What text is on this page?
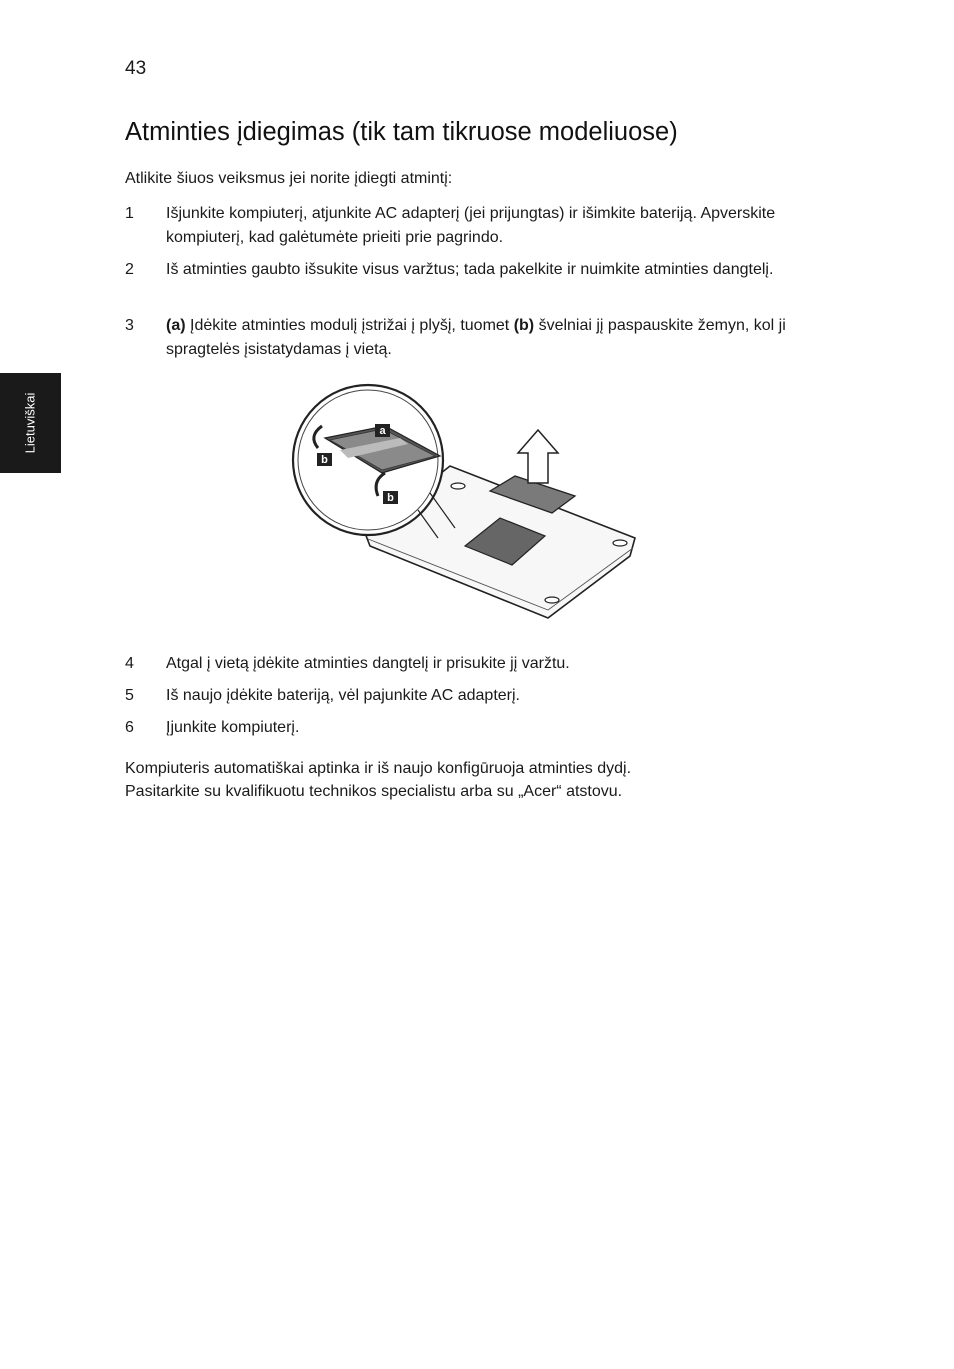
43
Lietuviškai
Atminties įdiegimas (tik tam tikruose modeliuose)

Atlikite šiuos veiksmus jei norite įdiegti atmintį:

1 Išjunkite kompiuterį, atjunkite AC adapterį (jei prijungtas) ir išimkite bateriją. Apverskite kompiuterį, kad galėtumėte prieiti prie pagrindo.
2 Iš atminties gaubto išsukite visus varžtus; tada pakelkite ir nuimkite atminties dangtelį.
3 (a) Įdėkite atminties modulį įstrižai į plyšį, tuomet (b) švelniai jį paspauskite žemyn, kol ji spragtelės įsistatydamas į vietą.
a
b
b
4 Atgal į vietą įdėkite atminties dangtelį ir prisukite jį varžtu.
5 Iš naujo įdėkite bateriją, vėl pajunkite AC adapterį.
6 Įjunkite kompiuterį.

Kompiuteris automatiškai aptinka ir iš naujo konfigūruoja atminties dydį.

Pasitarkite su kvalifikuotu technikos specialistu arba su „Acer“ atstovu.
